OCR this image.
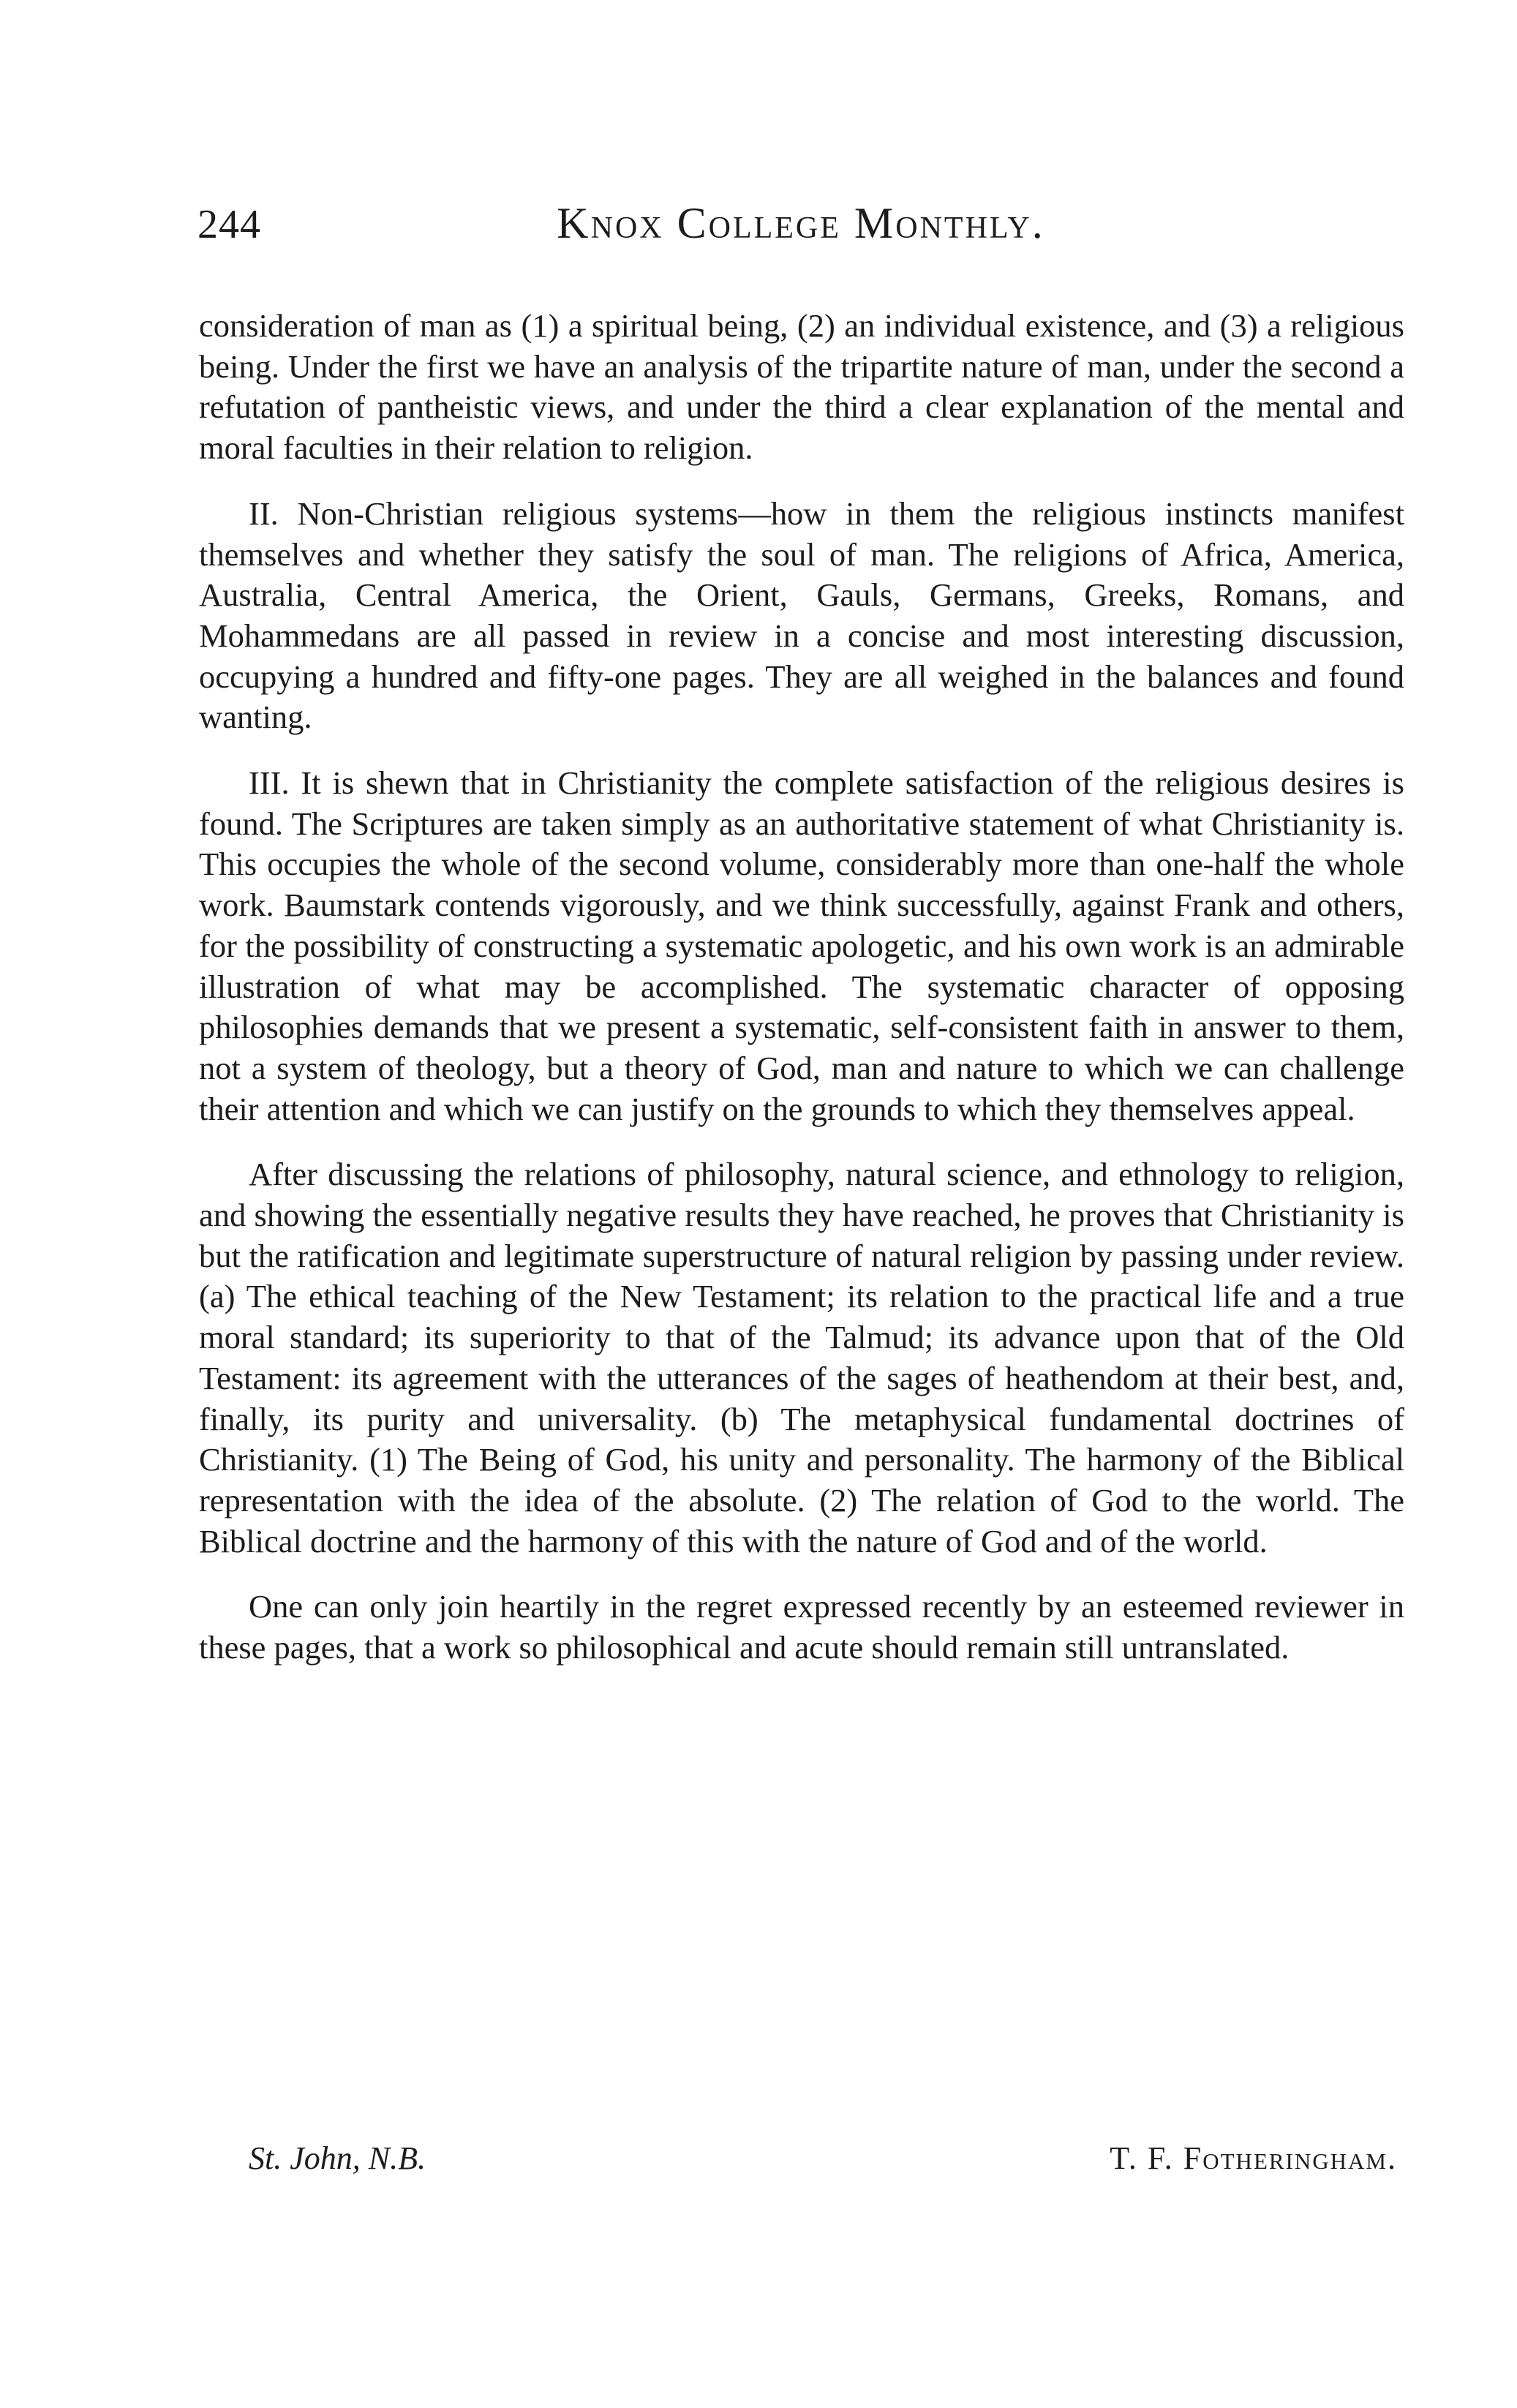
244	Knox College Monthly.

consideration of man as (1) a spiritual being, (2) an individual existence, and (3) a religious being. Under the first we have an analysis of the tripartite nature of man, under the second a refutation of pantheistic views, and under the third a clear explanation of the mental and moral faculties in their relation to religion.

II. Non-Christian religious systems—how in them the religious instincts manifest themselves and whether they satisfy the soul of man. The religions of Africa, America, Australia, Central America, the Orient, Gauls, Germans, Greeks, Romans, and Mohammedans are all passed in review in a concise and most interesting discussion, occupying a hundred and fifty-one pages. They are all weighed in the balances and found wanting.

III. It is shewn that in Christianity the complete satisfaction of the religious desires is found. The Scriptures are taken simply as an authoritative statement of what Christianity is. This occupies the whole of the second volume, considerably more than one-half the whole work. Baumstark contends vigorously, and we think successfully, against Frank and others, for the possibility of constructing a systematic apologetic, and his own work is an admirable illustration of what may be accomplished. The systematic character of opposing philosophies demands that we present a systematic, self-consistent faith in answer to them, not a system of theology, but a theory of God, man and nature to which we can challenge their attention and which we can justify on the grounds to which they themselves appeal.

After discussing the relations of philosophy, natural science, and ethnology to religion, and showing the essentially negative results they have reached, he proves that Christianity is but the ratification and legitimate superstructure of natural religion by passing under review. (a) The ethical teaching of the New Testament; its relation to the practical life and a true moral standard; its superiority to that of the Talmud; its advance upon that of the Old Testament: its agreement with the utterances of the sages of heathendom at their best, and, finally, its purity and universality. (b) The metaphysical fundamental doctrines of Christianity. (1) The Being of God, his unity and personality. The harmony of the Biblical representation with the idea of the absolute. (2) The relation of God to the world. The Biblical doctrine and the harmony of this with the nature of God and of the world.

One can only join heartily in the regret expressed recently by an esteemed reviewer in these pages, that a work so philosophical and acute should remain still untranslated.

St. John, N.B.	T. F. Fotheringham.
